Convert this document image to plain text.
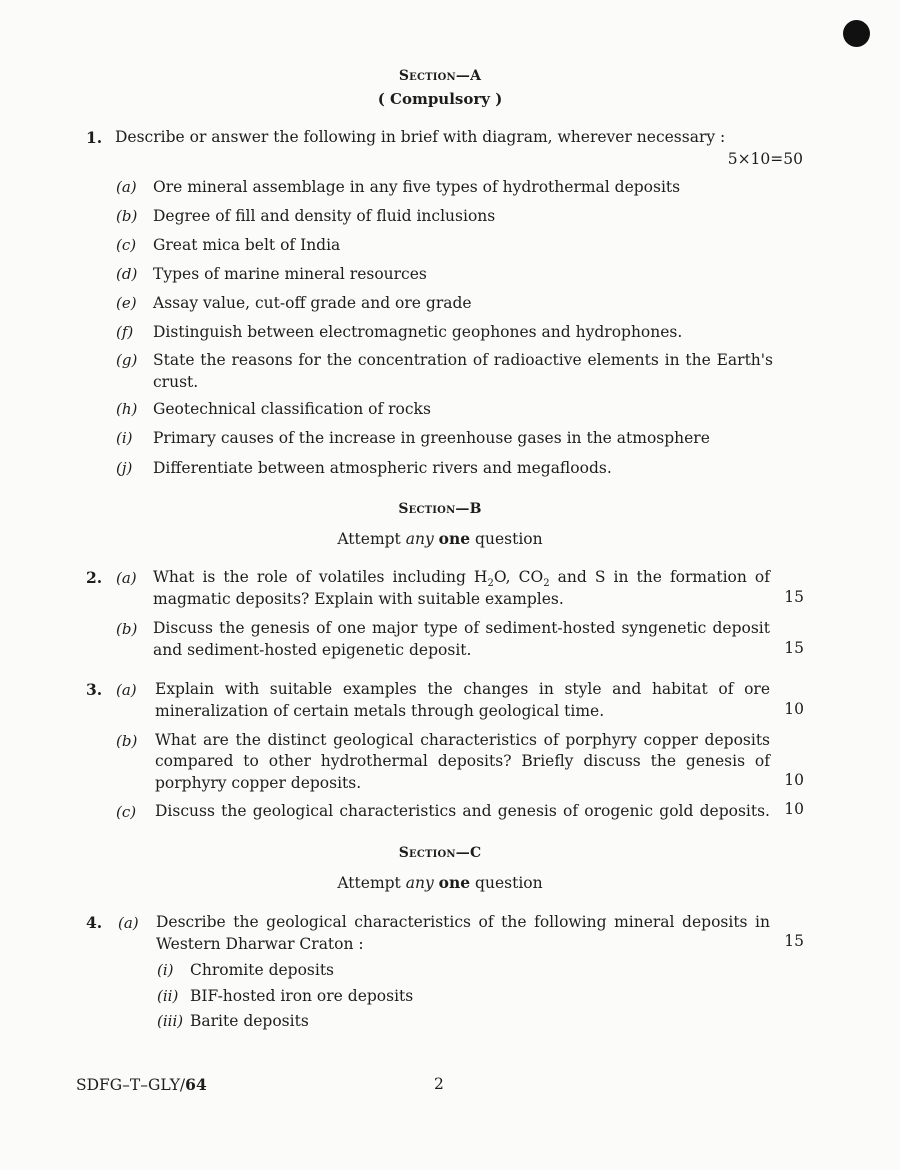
Section—A
( Compulsory )
1. Describe or answer the following in brief with diagram, wherever necessary :
5×10=50
(a) Ore mineral assemblage in any five types of hydrothermal deposits
(b) Degree of fill and density of fluid inclusions
(c) Great mica belt of India
(d) Types of marine mineral resources
(e) Assay value, cut-off grade and ore grade
(f) Distinguish between electromagnetic geophones and hydrophones.
(g) State the reasons for the concentration of radioactive elements in the Earth's
crust.
(h) Geotechnical classification of rocks
(i) Primary causes of the increase in greenhouse gases in the atmosphere
(j) Differentiate between atmospheric rivers and megafloods.
Section—B
Attempt any one question
2. (a) What is the role of volatiles including $H_2O$, $CO_2$ and S in the formation of
magmatic deposits? Explain with suitable examples.	15
(b) Discuss the genesis of one major type of sediment-hosted syngenetic deposit
and sediment-hosted epigenetic deposit.	15
3. (a) Explain with suitable examples the changes in style and habitat of ore
mineralization of certain metals through geological time.	10
(b) What are the distinct geological characteristics of porphyry copper deposits
compared to other hydrothermal deposits? Briefly discuss the genesis of
porphyry copper deposits.	10
(c) Discuss the geological characteristics and genesis of orogenic gold deposits. 10
Section—C
Attempt any one question
4. (a) Describe the geological characteristics of the following mineral deposits in
Western Dharwar Craton :	15
(i) Chromite deposits
(ii) BIF-hosted iron ore deposits
(iii) Barite deposits
SDFG–T–GLY/64	2
